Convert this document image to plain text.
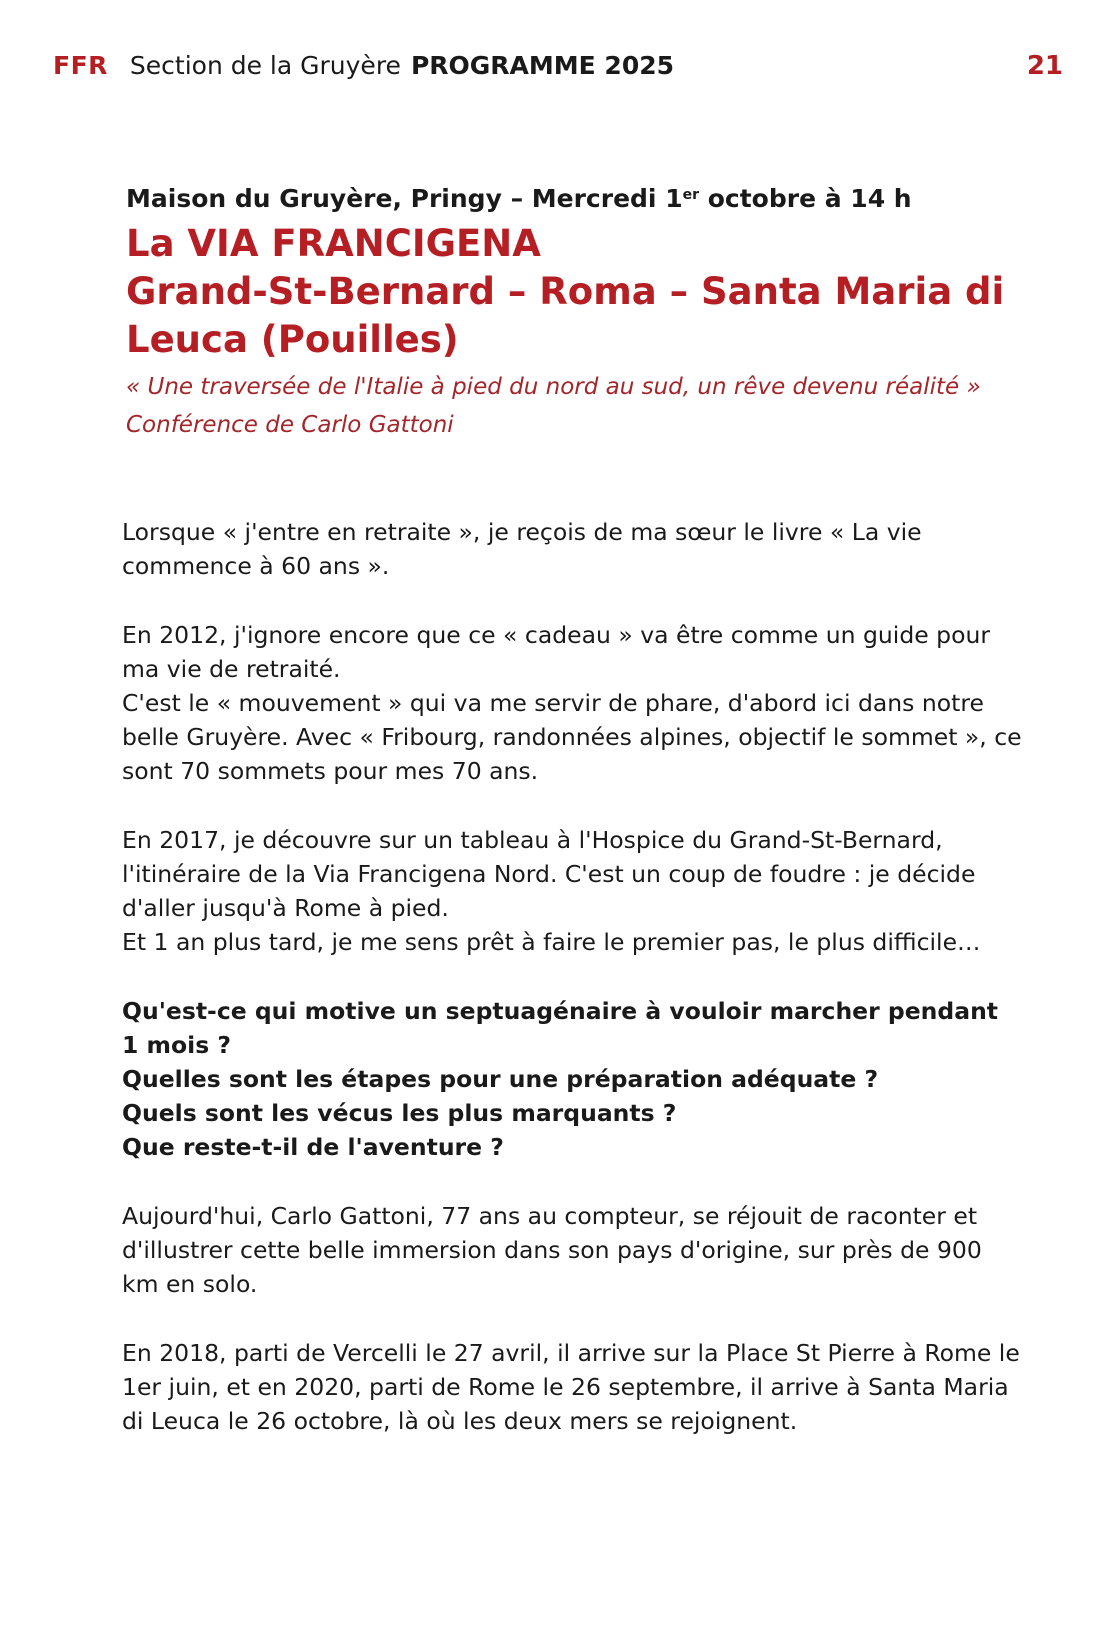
FFR Section de la Gruyère PROGRAMME 2025	21

Maison du Gruyère, Pringy – Mercredi 1er octobre à 14 h

La VIA FRANCIGENA
Grand-St-Bernard – Roma – Santa Maria di
Leuca (Pouilles)

« Une traversée de l'Italie à pied du nord au sud, un rêve devenu réalité »
Conférence de Carlo Gattoni

Lorsque « j'entre en retraite », je reçois de ma sœur le livre « La vie commence à 60 ans ».

En 2012, j'ignore encore que ce « cadeau » va être comme un guide pour ma vie de retraité.
C'est le « mouvement » qui va me servir de phare, d'abord ici dans notre belle Gruyère. Avec « Fribourg, randonnées alpines, objectif le sommet », ce sont 70 sommets pour mes 70 ans.

En 2017, je découvre sur un tableau à l'Hospice du Grand-St-Bernard, l'itinéraire de la Via Francigena Nord. C'est un coup de foudre : je décide d'aller jusqu'à Rome à pied.
Et 1 an plus tard, je me sens prêt à faire le premier pas, le plus difficile…

Qu'est-ce qui motive un septuagénaire à vouloir marcher pendant 1 mois ?
Quelles sont les étapes pour une préparation adéquate ?
Quels sont les vécus les plus marquants ?
Que reste-t-il de l'aventure ?

Aujourd'hui, Carlo Gattoni, 77 ans au compteur, se réjouit de raconter et d'illustrer cette belle immersion dans son pays d'origine, sur près de 900 km en solo.

En 2018, parti de Vercelli le 27 avril, il arrive sur la Place St Pierre à Rome le 1er juin, et en 2020, parti de Rome le 26 septembre, il arrive à Santa Maria di Leuca le 26 octobre, là où les deux mers se rejoignent.
